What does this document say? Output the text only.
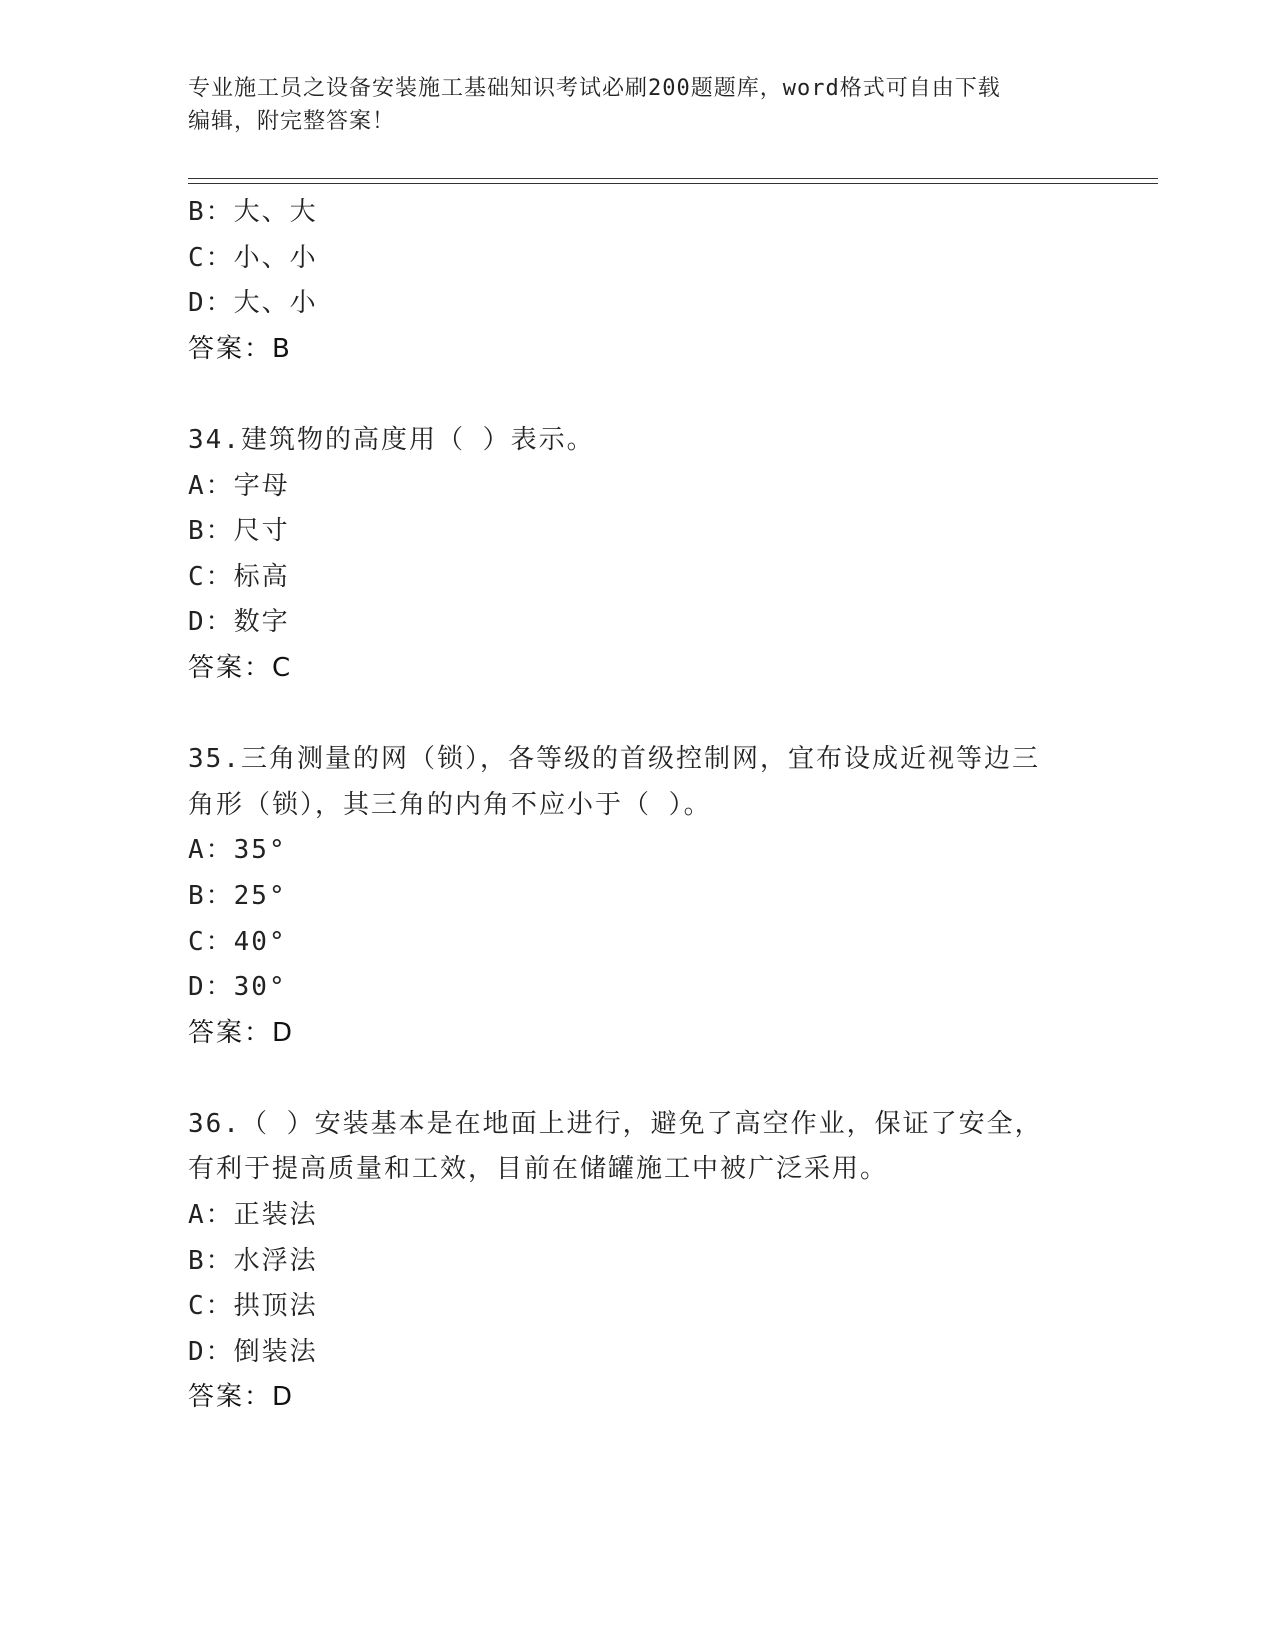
专业施工员之设备安装施工基础知识考试必刷200题题库，word格式可自由下载
编辑，附完整答案！
B：大、大
C：小、小
D：大、小
答案：B
34.建筑物的高度用（ ）表示。
A：字母
B：尺寸
C：标高
D：数字
答案：C
35.三角测量的网（锁），各等级的首级控制网，宜布设成近视等边三
角形（锁），其三角的内角不应小于（ ）。
A：35°
B：25°
C：40°
D：30°
答案：D
36.（ ）安装基本是在地面上进行，避免了高空作业，保证了安全，
有利于提高质量和工效，目前在储罐施工中被广泛采用。
A：正装法
B：水浮法
C：拱顶法
D：倒装法
答案：D
